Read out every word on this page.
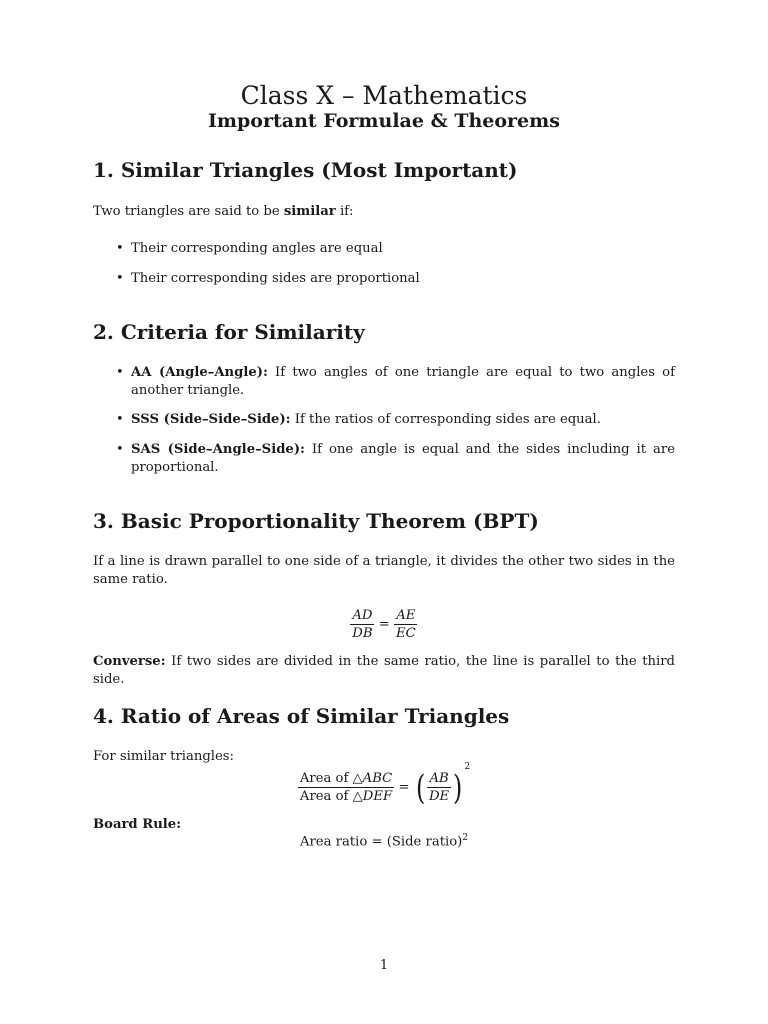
Class X – Mathematics
Important Formulae & Theorems
1. Similar Triangles (Most Important)
Two triangles are said to be similar if:
• Their corresponding angles are equal
• Their corresponding sides are proportional
2. Criteria for Similarity
• AA (Angle–Angle): If two angles of one triangle are equal to two angles of another triangle.
• SSS (Side–Side–Side): If the ratios of corresponding sides are equal.
• SAS (Side–Angle–Side): If one angle is equal and the sides including it are proportional.
3. Basic Proportionality Theorem (BPT)
If a line is drawn parallel to one side of a triangle, it divides the other two sides in the same ratio.
$\frac{AD}{DB} = \frac{AE}{EC}$
Converse: If two sides are divided in the same ratio, the line is parallel to the third side.
4. Ratio of Areas of Similar Triangles
For similar triangles:
$\frac{\text{Area of △ABC}}{\text{Area of △DEF}}$ = ( $\frac{AB}{DE} )^2$
Board Rule:
Area ratio = (Side ratio)$^2$
1
